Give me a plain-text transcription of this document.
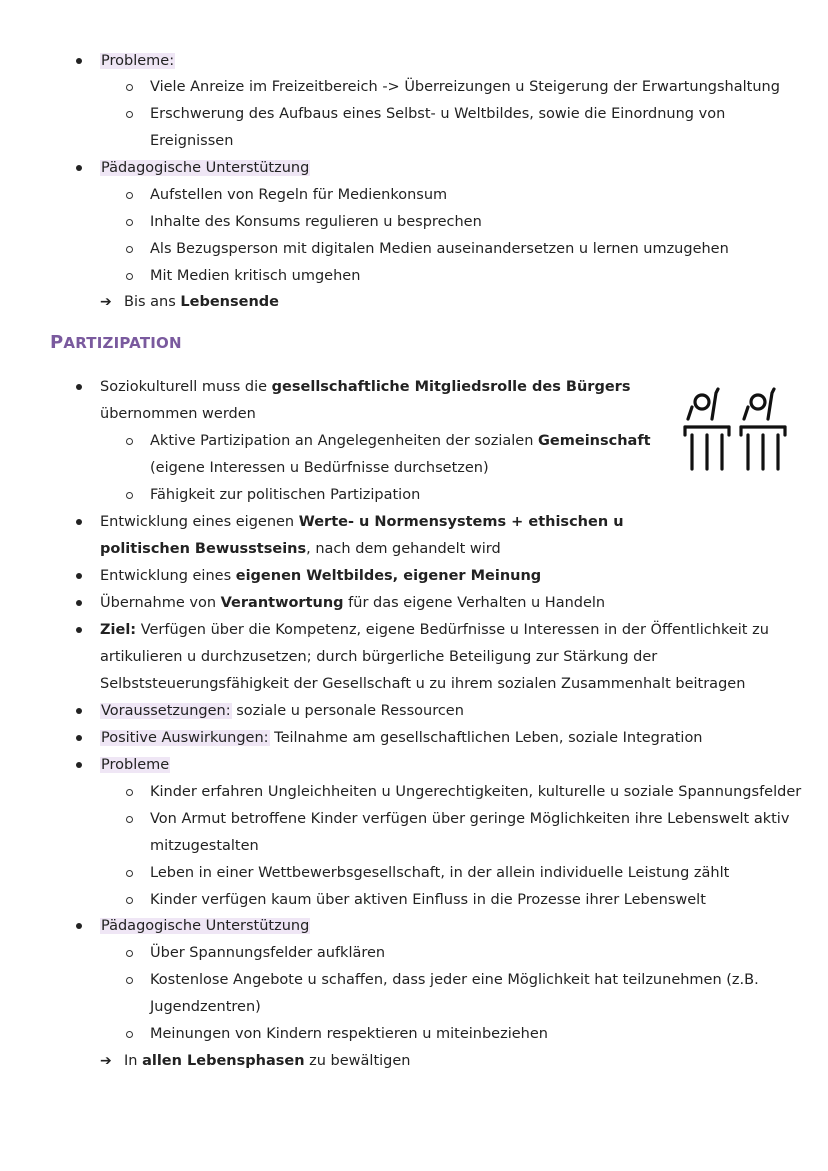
Probleme:
Viele Anreize im Freizeitbereich -> Überreizungen u Steigerung der Erwartungshaltung
Erschwerung des Aufbaus eines Selbst- u Weltbildes, sowie die Einordnung von
Ereignissen
Pädagogische Unterstützung
Aufstellen von Regeln für Medienkonsum
Inhalte des Konsums regulieren u besprechen
Als Bezugsperson mit digitalen Medien auseinandersetzen u lernen umzugehen
Mit Medien kritisch umgehen
➔ Bis ans Lebensende
PARTIZIPATION
Soziokulturell muss die gesellschaftliche Mitgliedsrolle des Bürgers
übernommen werden
Aktive Partizipation an Angelegenheiten der sozialen Gemeinschaft
(eigene Interessen u Bedürfnisse durchsetzen)
Fähigkeit zur politischen Partizipation
Entwicklung eines eigenen Werte- u Normensystems + ethischen u
politischen Bewusstseins, nach dem gehandelt wird
Entwicklung eines eigenen Weltbildes, eigener Meinung
Übernahme von Verantwortung für das eigene Verhalten u Handeln
Ziel: Verfügen über die Kompetenz, eigene Bedürfnisse u Interessen in der Öffentlichkeit zu
artikulieren u durchzusetzen; durch bürgerliche Beteiligung zur Stärkung der
Selbststeuerungsfähigkeit der Gesellschaft u zu ihrem sozialen Zusammenhalt beitragen
Voraussetzungen: soziale u personale Ressourcen
Positive Auswirkungen: Teilnahme am gesellschaftlichen Leben, soziale Integration
Probleme
Kinder erfahren Ungleichheiten u Ungerechtigkeiten, kulturelle u soziale Spannungsfelder
Von Armut betroffene Kinder verfügen über geringe Möglichkeiten ihre Lebenswelt aktiv
mitzugestalten
Leben in einer Wettbewerbsgesellschaft, in der allein individuelle Leistung zählt
Kinder verfügen kaum über aktiven Einfluss in die Prozesse ihrer Lebenswelt
Pädagogische Unterstützung
Über Spannungsfelder aufklären
Kostenlose Angebote u schaffen, dass jeder eine Möglichkeit hat teilzunehmen (z.B.
Jugendzentren)
Meinungen von Kindern respektieren u miteinbeziehen
➔ In allen Lebensphasen zu bewältigen
